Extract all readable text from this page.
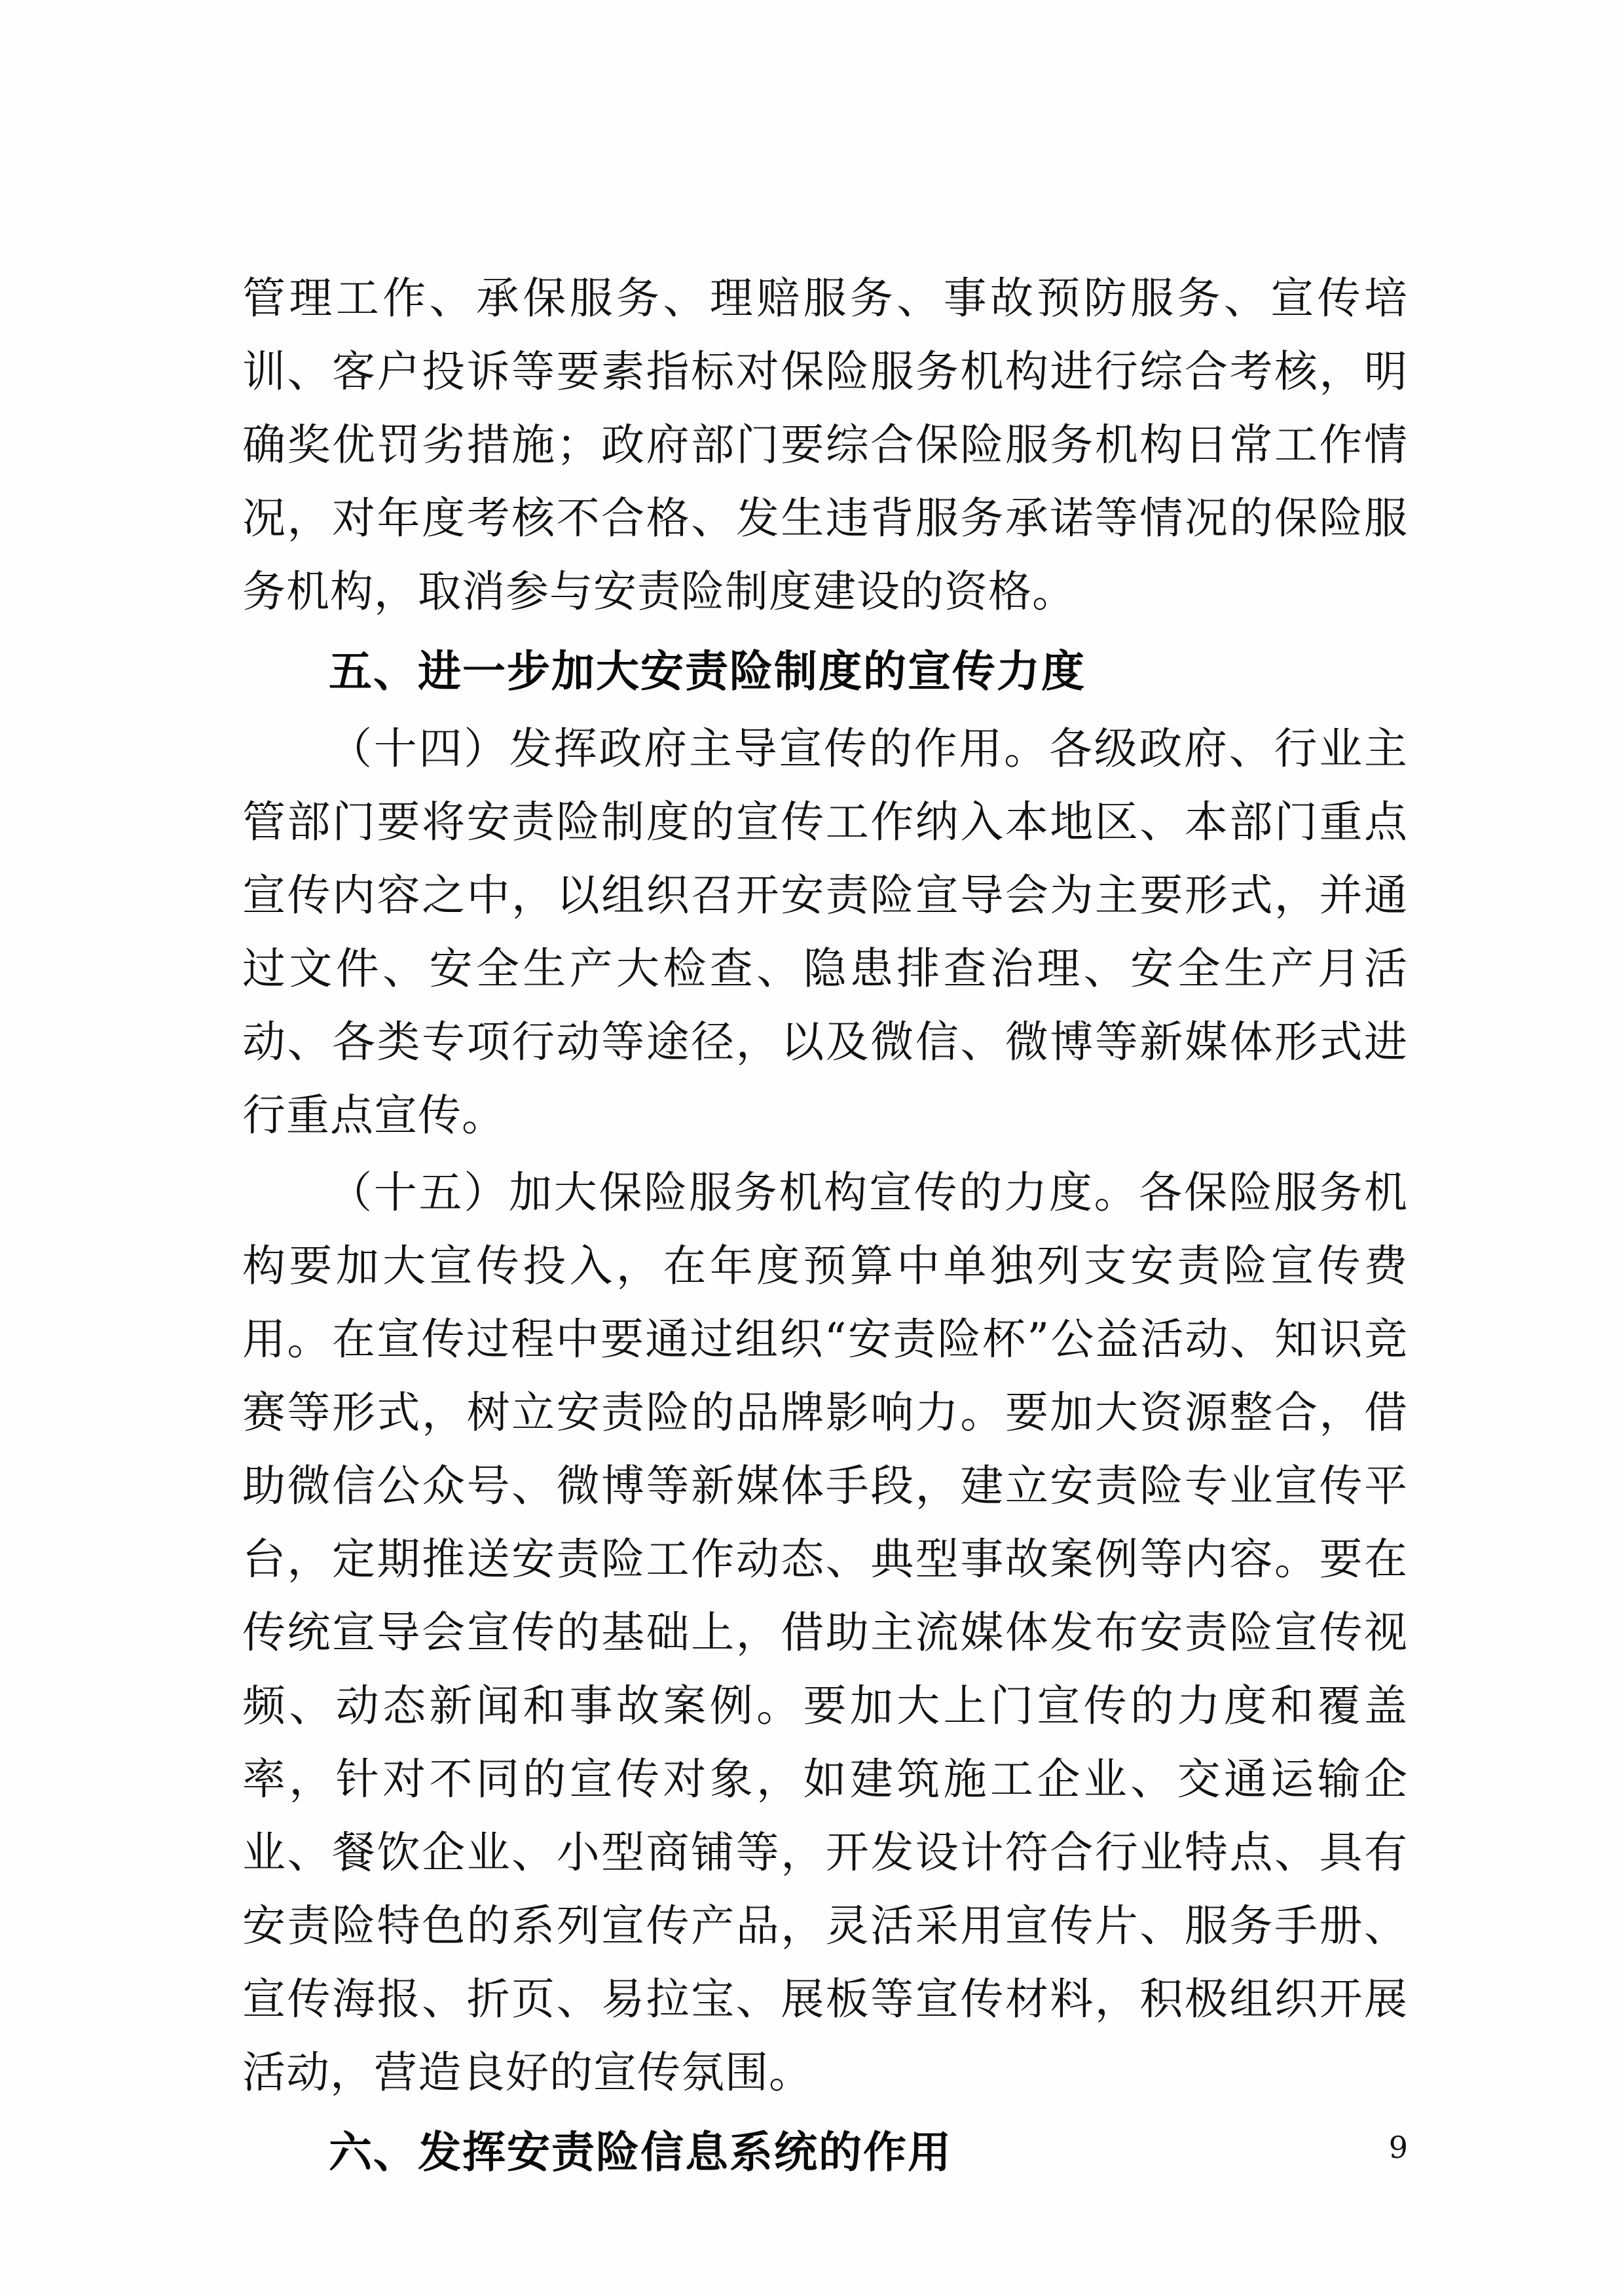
管理工作、承保服务、理赔服务、事故预防服务、宣传培训、客户投诉等要素指标对保险服务机构进行综合考核，明确奖优罚劣措施；政府部门要综合保险服务机构日常工作情况，对年度考核不合格、发生违背服务承诺等情况的保险服务机构，取消参与安责险制度建设的资格。

五、进一步加大安责险制度的宣传力度

（十四）发挥政府主导宣传的作用。各级政府、行业主管部门要将安责险制度的宣传工作纳入本地区、本部门重点宣传内容之中，以组织召开安责险宣导会为主要形式，并通过文件、安全生产大检查、隐患排查治理、安全生产月活动、各类专项行动等途径，以及微信、微博等新媒体形式进行重点宣传。

（十五）加大保险服务机构宣传的力度。各保险服务机构要加大宣传投入，在年度预算中单独列支安责险宣传费用。在宣传过程中要通过组织“安责险杯”公益活动、知识竞赛等形式，树立安责险的品牌影响力。要加大资源整合，借助微信公众号、微博等新媒体手段，建立安责险专业宣传平台，定期推送安责险工作动态、典型事故案例等内容。要在传统宣导会宣传的基础上，借助主流媒体发布安责险宣传视频、动态新闻和事故案例。要加大上门宣传的力度和覆盖率，针对不同的宣传对象，如建筑施工企业、交通运输企业、餐饮企业、小型商铺等，开发设计符合行业特点、具有安责险特色的系列宣传产品，灵活采用宣传片、服务手册、宣传海报、折页、易拉宝、展板等宣传材料，积极组织开展活动，营造良好的宣传氛围。

六、发挥安责险信息系统的作用	9
